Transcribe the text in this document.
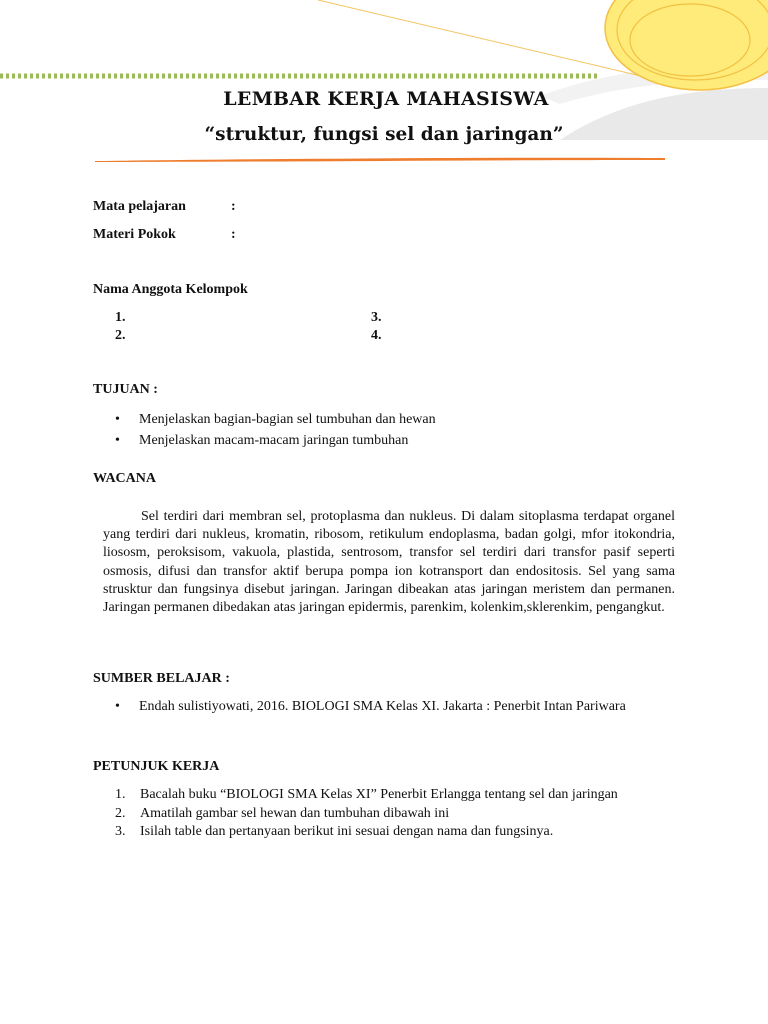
LEMBAR KERJA MAHASISWA
“struktur, fungsi sel dan jaringan”
Mata pelajaran	:
Materi Pokok	:
Nama Anggota Kelompok
1.
2.
3.
4.
TUJUAN :
• Menjelaskan bagian-bagian sel tumbuhan dan hewan
• Menjelaskan macam-macam jaringan tumbuhan
WACANA

Sel terdiri dari membran sel, protoplasma dan nukleus. Di dalam sitoplasma terdapat organel yang terdiri dari nukleus, kromatin, ribosom, retikulum endoplasma, badan golgi, mfor itokondria, liososm, peroksisom, vakuola, plastida, sentrosom, transfor sel terdiri dari transfor pasif seperti osmosis, difusi dan transfor aktif berupa pompa ion kotransport dan endositosis. Sel yang sama strusktur dan fungsinya disebut jaringan. Jaringan dibeakan atas jaringan meristem dan permanen. Jaringan permanen dibedakan atas jaringan epidermis, parenkim, kolenkim,sklerenkim, pengangkut.

SUMBER BELAJAR :
• Endah sulistiyowati, 2016. BIOLOGI SMA Kelas XI. Jakarta : Penerbit Intan Pariwara
PETUNJUK KERJA
1. Bacalah buku “BIOLOGI SMA Kelas XI” Penerbit Erlangga tentang sel dan jaringan
2. Amatilah gambar sel hewan dan tumbuhan dibawah ini
3. Isilah table dan pertanyaan berikut ini sesuai dengan nama dan fungsinya.
